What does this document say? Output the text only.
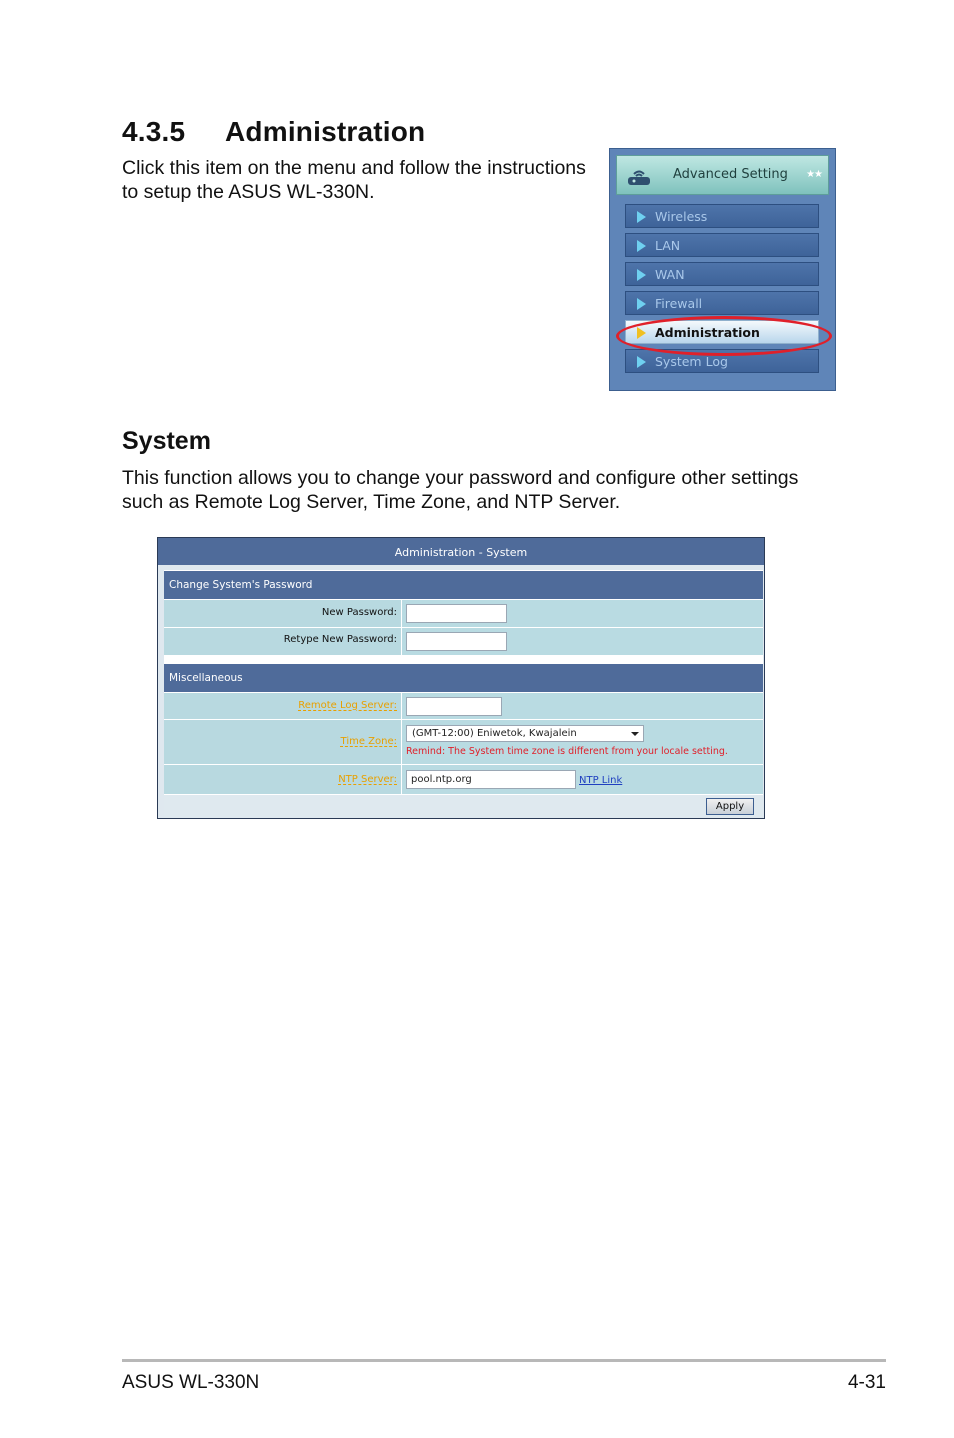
4.3.5 Administration

Click this item on the menu and follow the instructions to setup the ASUS WL-330N.

Advanced Setting ★★
Wireless
LAN
WAN
Firewall
Administration
System Log
System

This function allows you to change your password and configure other settings such as Remote Log Server, Time Zone, and NTP Server.

Administration - System
Change System's Password
New Password:
Retype New Password:
Miscellaneous
Remote Log Server:
Time Zone:
(GMT-12:00) Eniwetok, Kwajalein
Remind: The System time zone is different from your locale setting.
NTP Server:	pool.ntp.org	NTP Link
Apply
ASUS WL-330N	4-31
